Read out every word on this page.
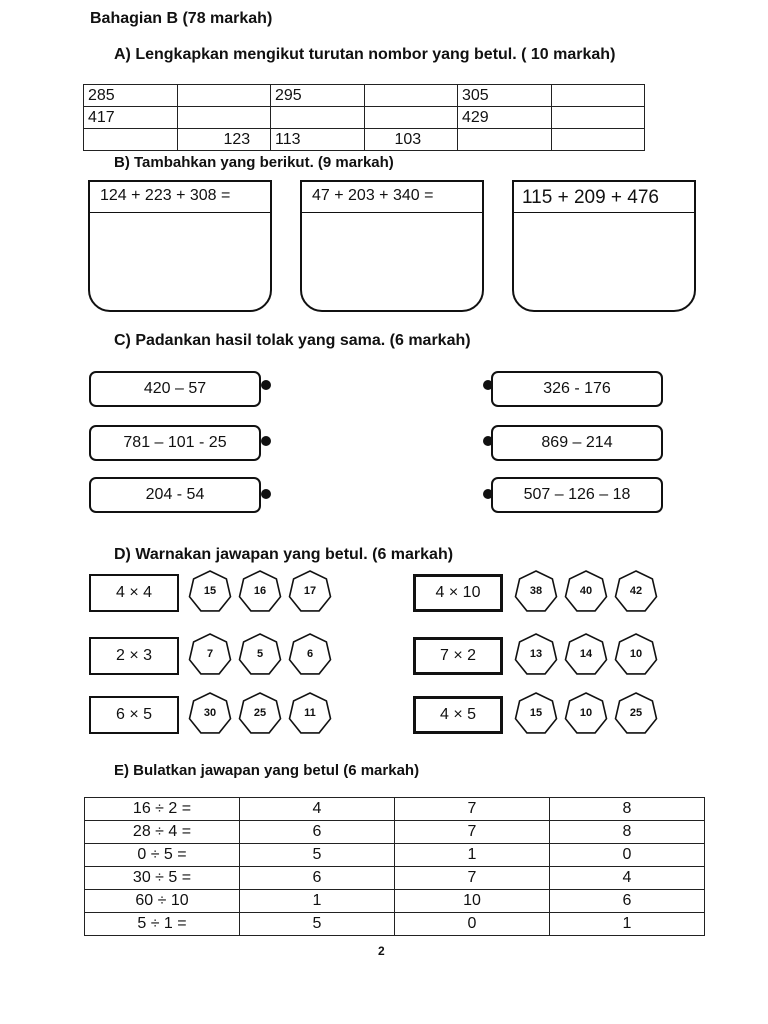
Bahagian B (78 markah)
A) Lengkapkan mengikut turutan nombor yang betul. ( 10 markah)
285		295		305	
417				429	
	123	113	103		
B) Tambahkan yang berikut. (9 markah)
124 + 223 + 308 =	47 + 203 + 340 =	115 + 209 + 476
C) Padankan hasil tolak yang sama. (6 markah)
420 – 57
781 – 101 - 25
204 - 54
326 - 176
869 – 214
507 – 126 – 18
D) Warnakan jawapan yang betul. (6 markah)
4 × 4	15	16	17
2 × 3	7	5	6
6 × 5	30	25	11
4 × 10	38	40	42
7 × 2	13	14	10
4 × 5	15	10	25
E) Bulatkan jawapan yang betul (6 markah)
16 ÷ 2 =	4	7	8
28 ÷ 4 =	6	7	8
0 ÷ 5 =	5	1	0
30 ÷ 5 =	6	7	4
60 ÷ 10	1	10	6
5 ÷ 1 =	5	0	1
2
